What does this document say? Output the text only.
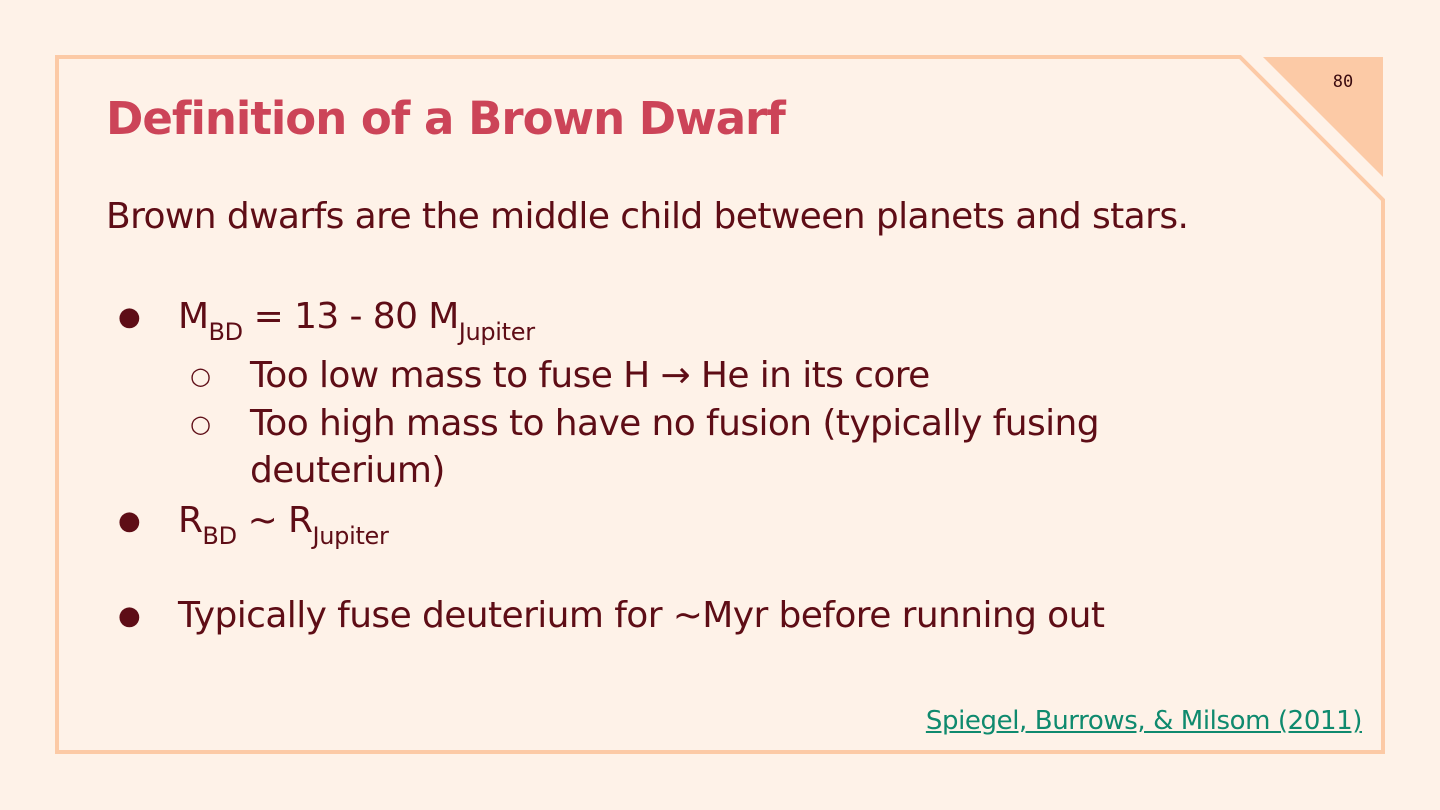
80
Definition of a Brown Dwarf

Brown dwarfs are the middle child between planets and stars.

● $M_{BD} = 13 - 80$ $M_{Jupiter}$
○ Too low mass to fuse H → He in its core
○ Too high mass to have no fusion (typically fusing
deuterium)
● $R_{BD}$ ~ $R_{Jupiter}$
● Typically fuse deuterium for ~Myr before running out
Spiegel, Burrows, & Milsom (2011)
